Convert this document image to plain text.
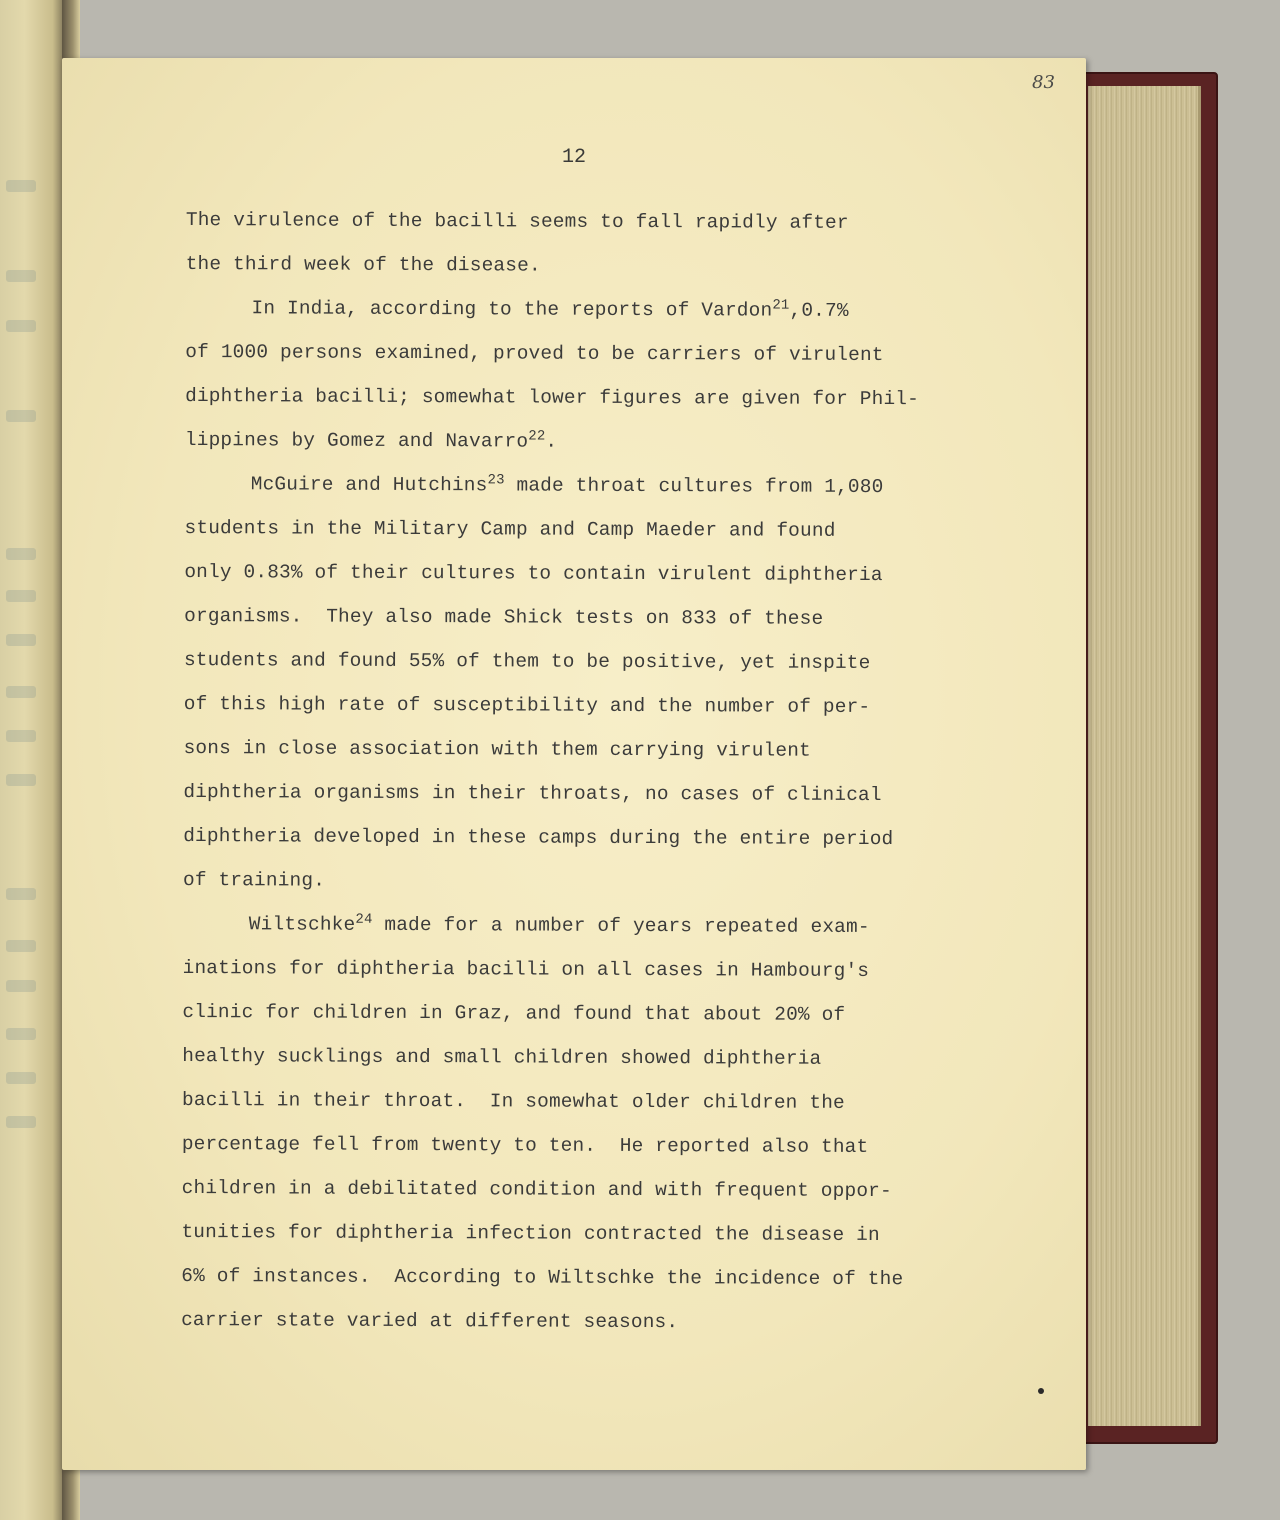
83

12

The virulence of the bacilli seems to fall rapidly after
the third week of the disease.
In India, according to the reports of Vardon$^{21}$,0.7%
of 1000 persons examined, proved to be carriers of virulent
diphtheria bacilli; somewhat lower figures are given for Phil-
lippines by Gomez and Navarro$^{22}$.
McGuire and Hutchins$^{23}$ made throat cultures from 1,080
students in the Military Camp and Camp Maeder and found
only 0.83% of their cultures to contain virulent diphtheria
organisms.  They also made Shick tests on 833 of these
students and found 55% of them to be positive, yet inspite
of this high rate of susceptibility and the number of per-
sons in close association with them carrying virulent
diphtheria organisms in their throats, no cases of clinical
diphtheria developed in these camps during the entire period
of training.
Wiltschke$^{24}$ made for a number of years repeated exam-
inations for diphtheria bacilli on all cases in Hambourg's
clinic for children in Graz, and found that about 20% of
healthy sucklings and small children showed diphtheria
bacilli in their throat.  In somewhat older children the
percentage fell from twenty to ten.  He reported also that
children in a debilitated condition and with frequent oppor-
tunities for diphtheria infection contracted the disease in
6% of instances.  According to Wiltschke the incidence of the
carrier state varied at different seasons.
